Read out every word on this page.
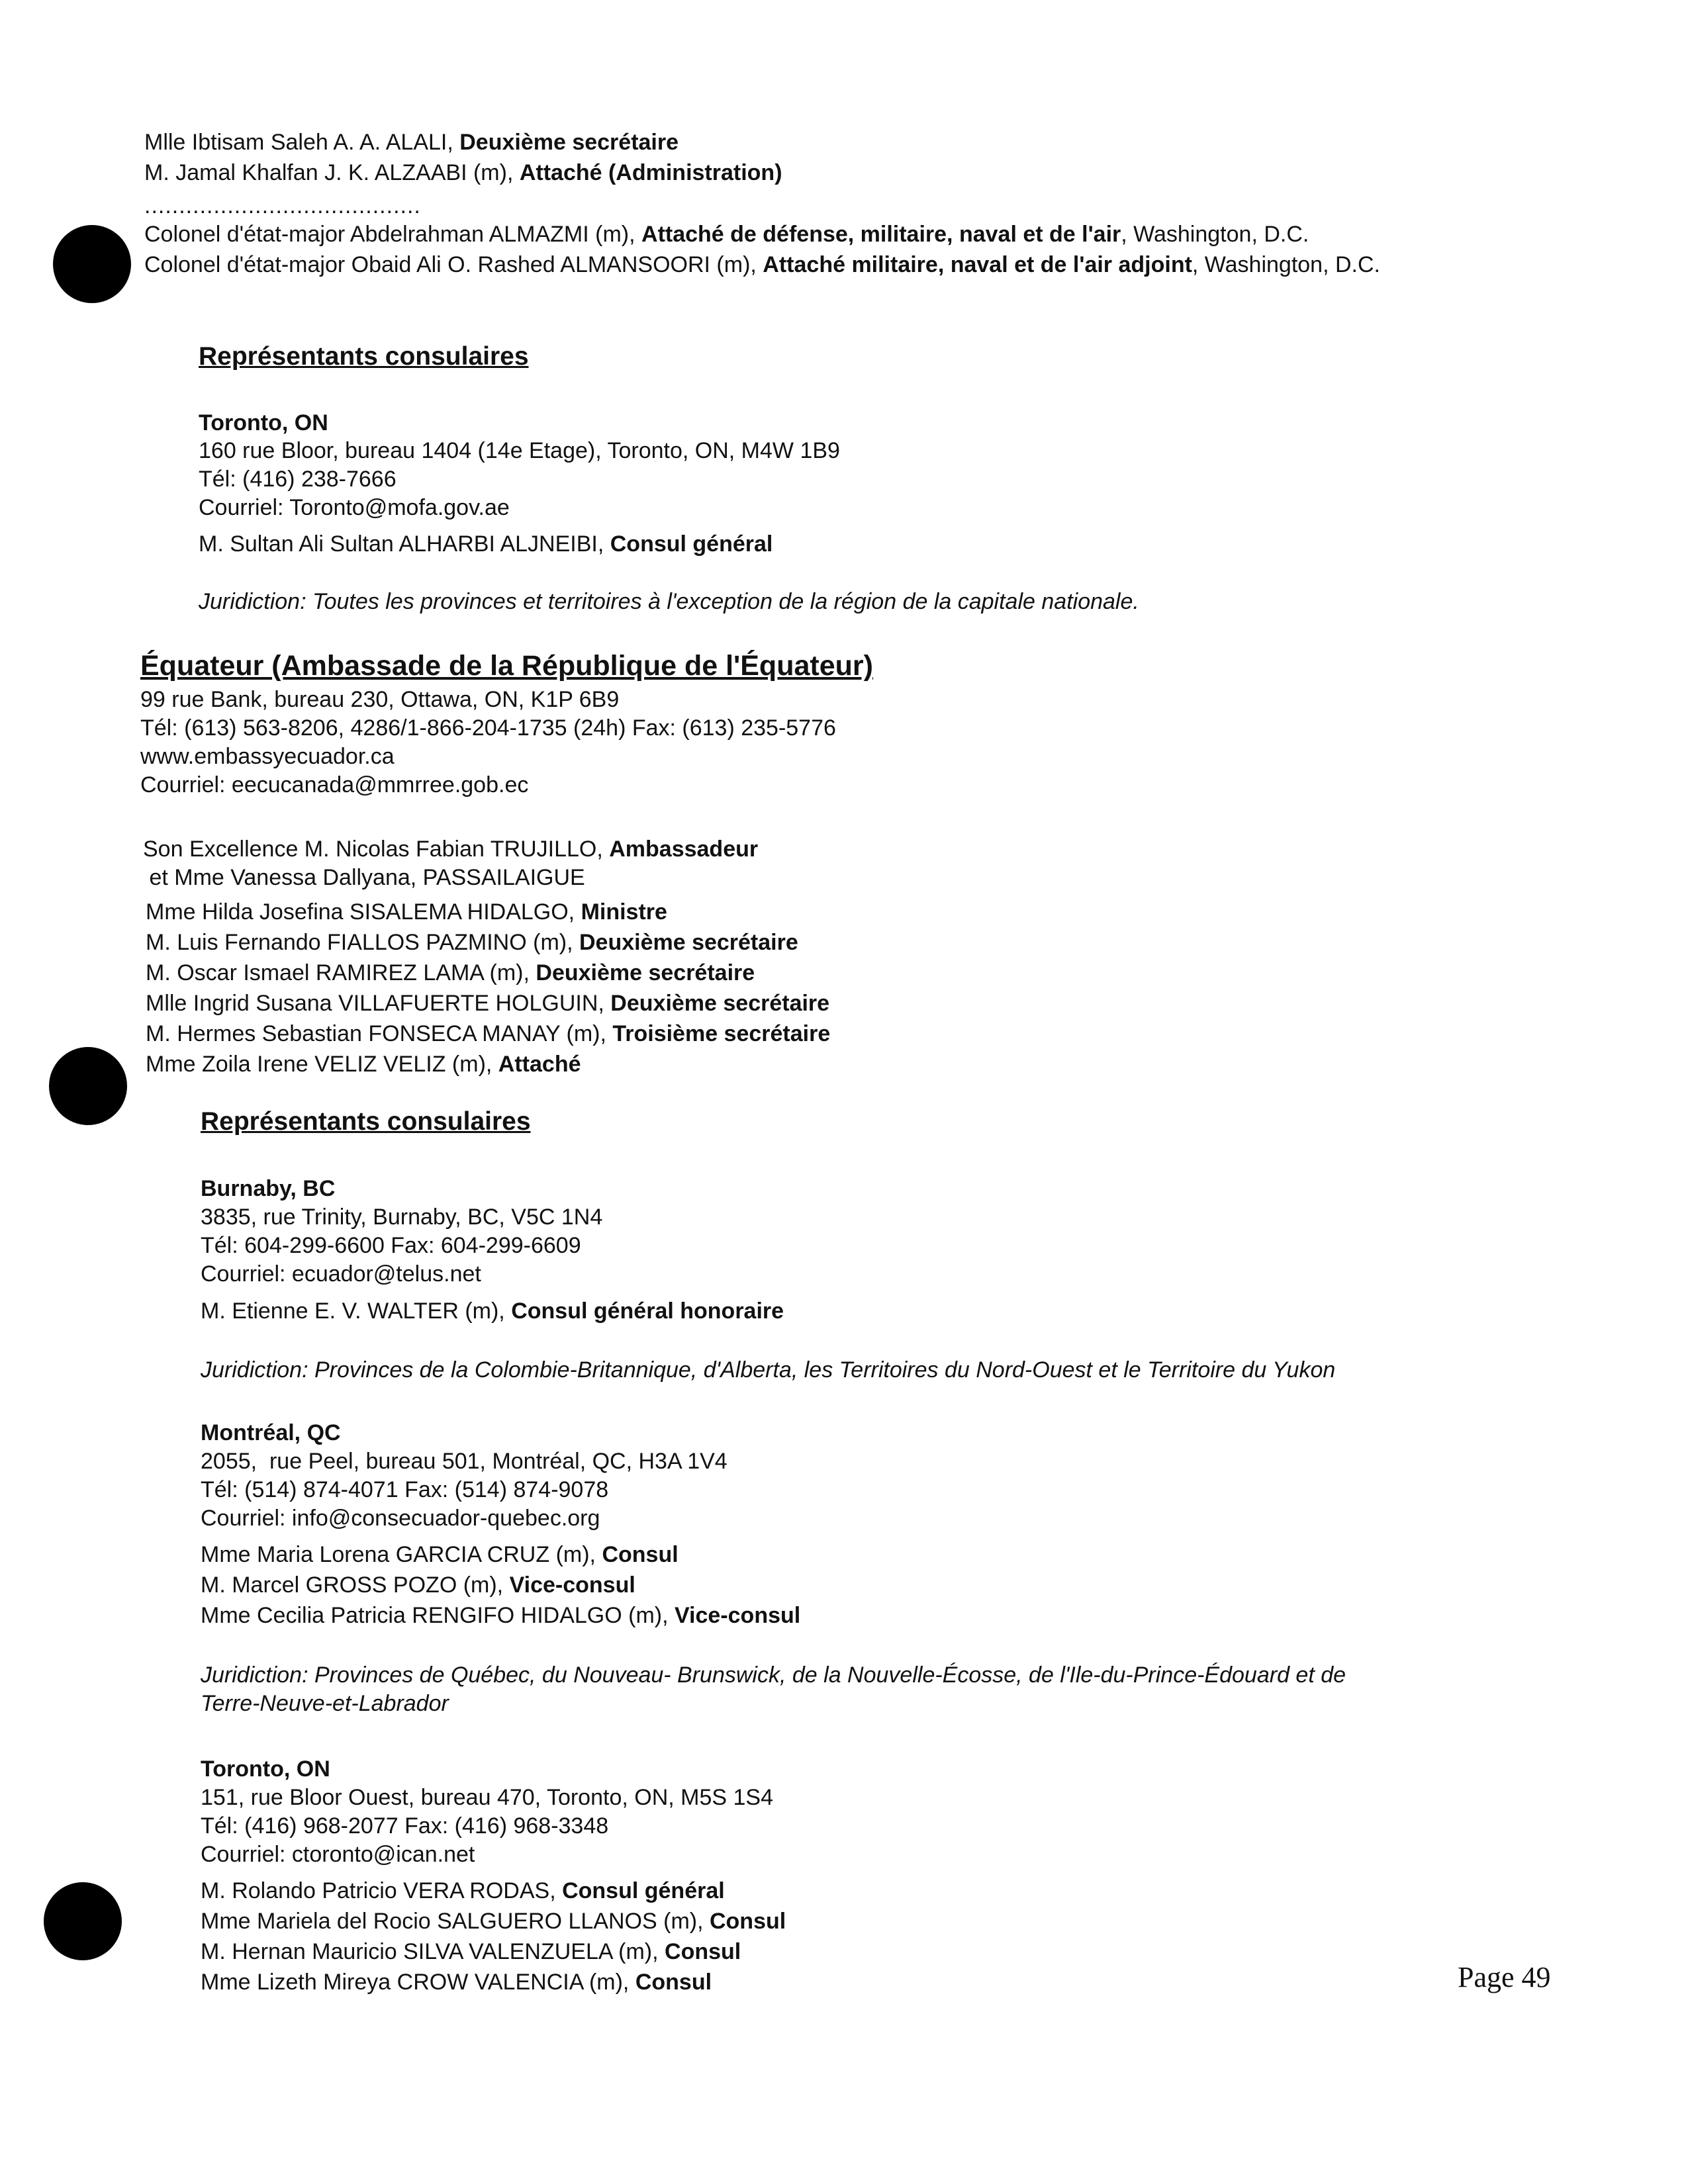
Mlle Ibtisam Saleh A. A. ALALI, Deuxième secrétaire
M. Jamal Khalfan J. K. ALZAABI (m), Attaché (Administration)
........................................
Colonel d'état-major Abdelrahman ALMAZMI (m), Attaché de défense, militaire, naval et de l'air, Washington, D.C.
Colonel d'état-major Obaid Ali O. Rashed ALMANSOORI (m), Attaché militaire, naval et de l'air adjoint, Washington, D.C.
Représentants consulaires
Toronto, ON
160 rue Bloor, bureau 1404 (14e Etage), Toronto, ON, M4W 1B9
Tél: (416) 238-7666
Courriel: Toronto@mofa.gov.ae
M. Sultan Ali Sultan ALHARBI ALJNEIBI, Consul général
Juridiction: Toutes les provinces et territoires à l'exception de la région de la capitale nationale.
Équateur (Ambassade de la République de l'Équateur)
99 rue Bank, bureau 230, Ottawa, ON, K1P 6B9
Tél: (613) 563-8206, 4286/1-866-204-1735 (24h) Fax: (613) 235-5776
www.embassyecuador.ca
Courriel: eecucanada@mmrree.gob.ec
Son Excellence M. Nicolas Fabian TRUJILLO, Ambassadeur
et Mme Vanessa Dallyana, PASSAILAIGUE
Mme Hilda Josefina SISALEMA HIDALGO, Ministre
M. Luis Fernando FIALLOS PAZMINO (m), Deuxième secrétaire
M. Oscar Ismael RAMIREZ LAMA (m), Deuxième secrétaire
Mlle Ingrid Susana VILLAFUERTE HOLGUIN, Deuxième secrétaire
M. Hermes Sebastian FONSECA MANAY (m), Troisième secrétaire
Mme Zoila Irene VELIZ VELIZ (m), Attaché
Représentants consulaires
Burnaby, BC
3835, rue Trinity, Burnaby, BC, V5C 1N4
Tél: 604-299-6600 Fax: 604-299-6609
Courriel: ecuador@telus.net
M. Etienne E. V. WALTER (m), Consul général honoraire
Juridiction: Provinces de la Colombie-Britannique, d'Alberta, les Territoires du Nord-Ouest et le Territoire du Yukon
Montréal, QC
2055,  rue Peel, bureau 501, Montréal, QC, H3A 1V4
Tél: (514) 874-4071 Fax: (514) 874-9078
Courriel: info@consecuador-quebec.org
Mme Maria Lorena GARCIA CRUZ (m), Consul
M. Marcel GROSS POZO (m), Vice-consul
Mme Cecilia Patricia RENGIFO HIDALGO (m), Vice-consul
Juridiction: Provinces de Québec, du Nouveau- Brunswick, de la Nouvelle-Écosse, de l'Ile-du-Prince-Édouard et de
Terre-Neuve-et-Labrador
Toronto, ON
151, rue Bloor Ouest, bureau 470, Toronto, ON, M5S 1S4
Tél: (416) 968-2077 Fax: (416) 968-3348
Courriel: ctoronto@ican.net
M. Rolando Patricio VERA RODAS, Consul général
Mme Mariela del Rocio SALGUERO LLANOS (m), Consul
M. Hernan Mauricio SILVA VALENZUELA (m), Consul
Mme Lizeth Mireya CROW VALENCIA (m), Consul	Page 49
